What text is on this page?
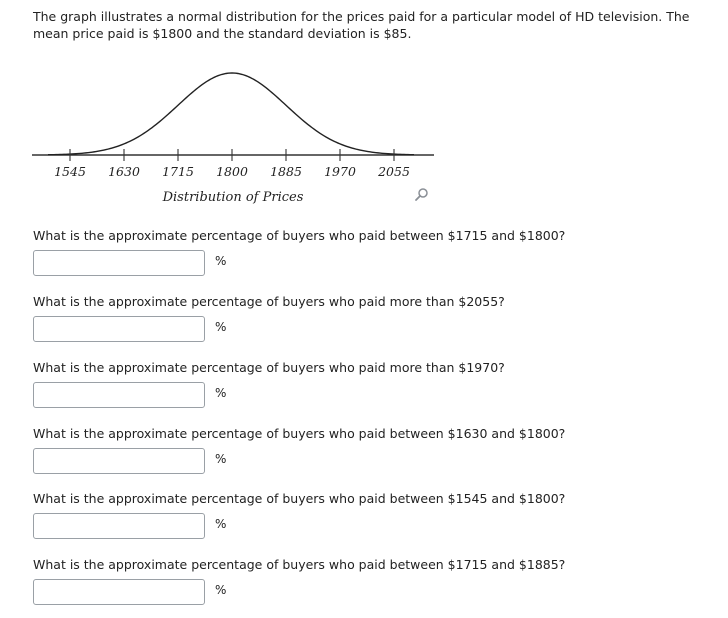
The graph illustrates a normal distribution for the prices paid for a particular model of HD television. The mean price paid is $1800 and the standard deviation is $85.
1545 1630 1715 1800 1885 1970 2055
Distribution of Prices
What is the approximate percentage of buyers who paid between $1715 and $1800?
%
What is the approximate percentage of buyers who paid more than $2055?
%
What is the approximate percentage of buyers who paid more than $1970?
%
What is the approximate percentage of buyers who paid between $1630 and $1800?
%
What is the approximate percentage of buyers who paid between $1545 and $1800?
%
What is the approximate percentage of buyers who paid between $1715 and $1885?
%
